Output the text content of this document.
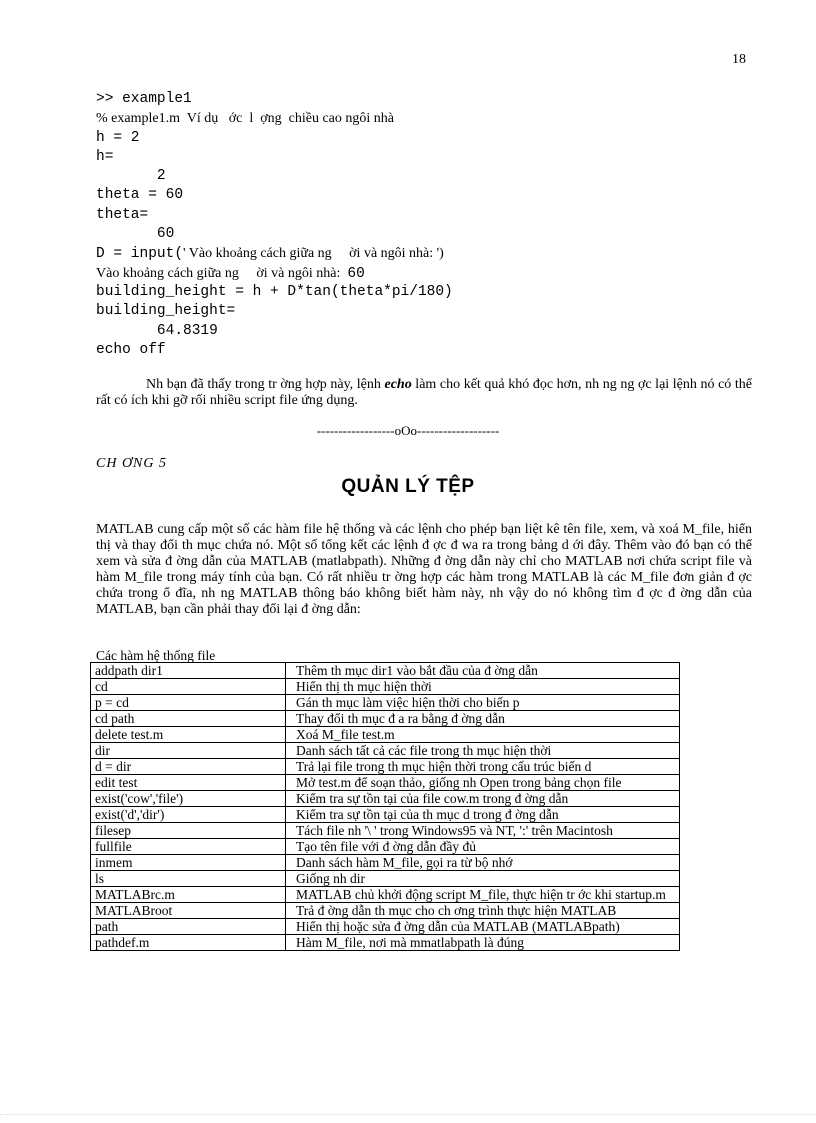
18
>> example1
% example1.m  Ví dụ   ớc  l  ợng  chiều cao ngôi nhà
h = 2
h=
2
theta = 60
theta=
60
D = input(' Vào khoảng cách giữa ng     ời và ngôi nhà: ')
Vào khoảng cách giữa ng     ời và ngôi nhà:  60
building_height = h + D*tan(theta*pi/180)
building_height=
64.8319
echo off
Nh bạn đã thấy trong tr ờng hợp này, lệnh echo làm cho kết quả khó đọc hơn, nh ng ng ợc lại lệnh nó có thể rất có ích khi gỡ rối nhiều script file ứng dụng.
------------------oOo-------------------
CH ƠNG 5
QUẢN LÝ TỆP
MATLAB cung cấp một số các hàm file hệ thống và các lệnh cho phép bạn liệt kê tên file, xem, và xoá M_file, hiển thị và thay đổi th mục chứa nó. Một số tổng kết các lệnh đ ợc đ wa ra trong bảng d ới đây. Thêm vào đó bạn có thể xem và sửa đ ờng dẫn của MATLAB (matlabpath). Những đ ờng dẫn này chỉ cho MATLAB nơi chứa script file và hàm M_file trong máy tính của bạn. Có rất nhiều tr ờng hợp các hàm trong MATLAB là các M_file đơn giản đ ợc chứa trong ổ đĩa, nh ng MATLAB thông báo không biết hàm này, nh vậy do nó không tìm đ ợc đ ờng dẫn của MATLAB, bạn cần phải thay đổi lại đ ờng dẫn:
Các hàm hệ thống file
addpath dir1	Thêm th mục dir1 vào bắt đầu của đ ờng dẫn
cd	Hiển thị th mục hiện thời
p = cd	Gán th mục làm việc hiện thời cho biến p
cd path	Thay đổi th mục đ a ra bằng đ ờng dẫn
delete test.m	Xoá M_file test.m
dir	Danh sách tất cả các file trong th mục hiện thời
d = dir	Trả lại file trong th mục hiện thời trong cấu trúc biến d
edit test	Mở test.m để soạn thảo, giống nh Open trong bảng chọn file
exist('cow','file')	Kiểm tra sự tồn tại của file cow.m trong đ ờng dẫn
exist('d','dir')	Kiểm tra sự tồn tại của th mục d trong đ ờng dẫn
filesep	Tách file nh '\ ' trong Windows95 và NT, ':' trên Macintosh
fullfile	Tạo tên file với đ ờng dẫn đầy đủ
inmem	Danh sách hàm M_file, gọi ra từ bộ nhớ
ls	Giống nh dir
MATLABrc.m	MATLAB chủ khởi động script M_file, thực hiện tr ớc khi startup.m
MATLABroot	Trả đ ờng dẫn th mục cho ch ơng trình thực hiện MATLAB
path	Hiển thị hoặc sửa đ ờng dẫn của MATLAB (MATLABpath)
pathdef.m	Hàm M_file, nơi mà mmatlabpath là đúng
